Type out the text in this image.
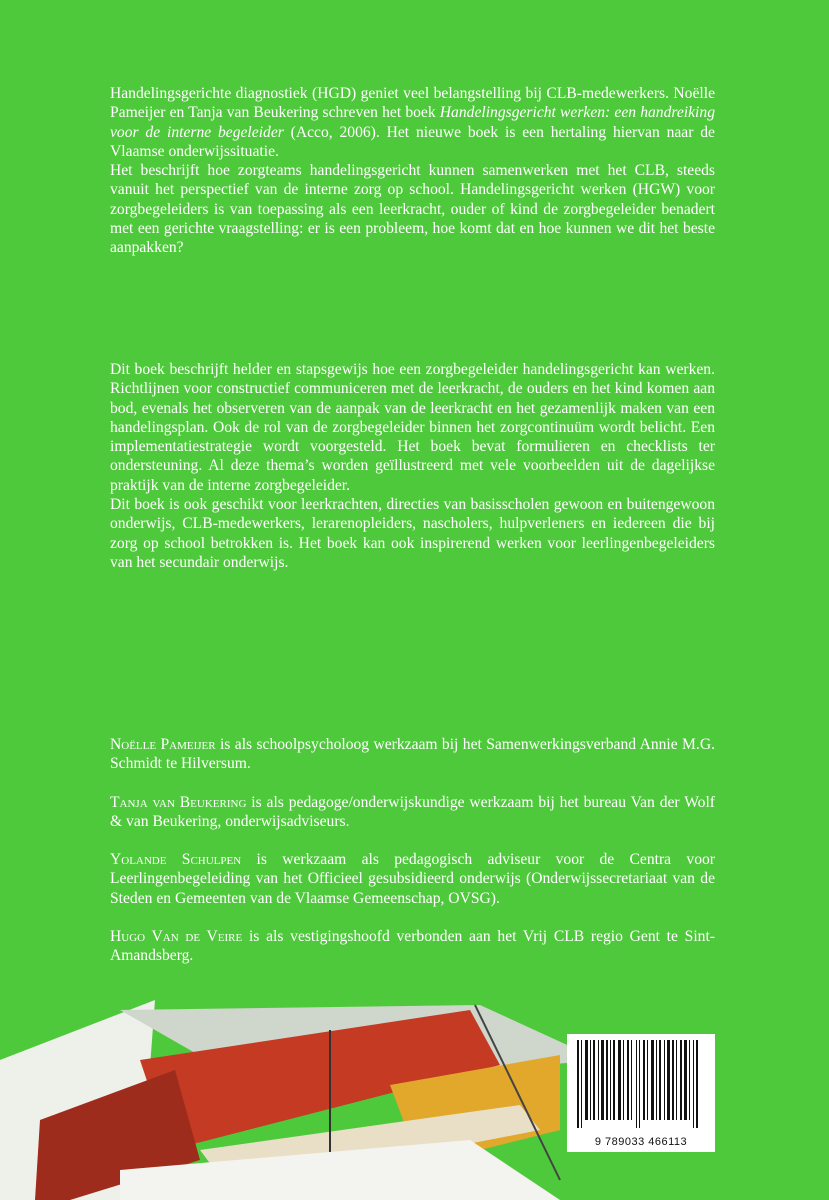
Handelingsgerichte diagnostiek (HGD) geniet veel belangstelling bij CLB-medewerkers. Noëlle Pameijer en Tanja van Beukering schreven het boek Handelingsgericht werken: een handreiking voor de interne begeleider (Acco, 2006). Het nieuwe boek is een hertaling hiervan naar de Vlaamse onderwijssituatie.

Het beschrijft hoe zorgteams handelingsgericht kunnen samenwerken met het CLB, steeds vanuit het perspectief van de interne zorg op school. Handelingsgericht werken (HGW) voor zorgbegeleiders is van toepassing als een leerkracht, ouder of kind de zorgbegeleider benadert met een gerichte vraagstelling: er is een probleem, hoe komt dat en hoe kunnen we dit het beste aanpakken?

Dit boek beschrijft helder en stapsgewijs hoe een zorgbegeleider handelingsgericht kan werken. Richtlijnen voor constructief communiceren met de leerkracht, de ouders en het kind komen aan bod, evenals het observeren van de aanpak van de leerkracht en het gezamenlijk maken van een handelingsplan. Ook de rol van de zorgbegeleider binnen het zorgcontinuüm wordt belicht. Een implementatiestrategie wordt voorgesteld. Het boek bevat formulieren en checklists ter ondersteuning. Al deze thema’s worden geïllustreerd met vele voorbeelden uit de dagelijkse praktijk van de interne zorgbegeleider.

Dit boek is ook geschikt voor leerkrachten, directies van basisscholen gewoon en buitengewoon onderwijs, CLB-medewerkers, lerarenopleiders, nascholers, hulpverleners en iedereen die bij zorg op school betrokken is. Het boek kan ook inspirerend werken voor leerlingenbegeleiders van het secundair onderwijs.

Noëlle Pameijer is als schoolpsycholoog werkzaam bij het Samenwerkingsverband Annie M.G. Schmidt te Hilversum.

Tanja van Beukering is als pedagoge/onderwijskundige werkzaam bij het bureau Van der Wolf & van Beukering, onderwijsadviseurs.

Yolande Schulpen is werkzaam als pedagogisch adviseur voor de Centra voor Leerlingenbegeleiding van het Officieel gesubsidieerd onderwijs (Onderwijssecretariaat van de Steden en Gemeenten van de Vlaamse Gemeenschap, OVSG).

Hugo Van de Veire is als vestigingshoofd verbonden aan het Vrij CLB regio Gent te Sint-Amandsberg.

9 789033 466113
